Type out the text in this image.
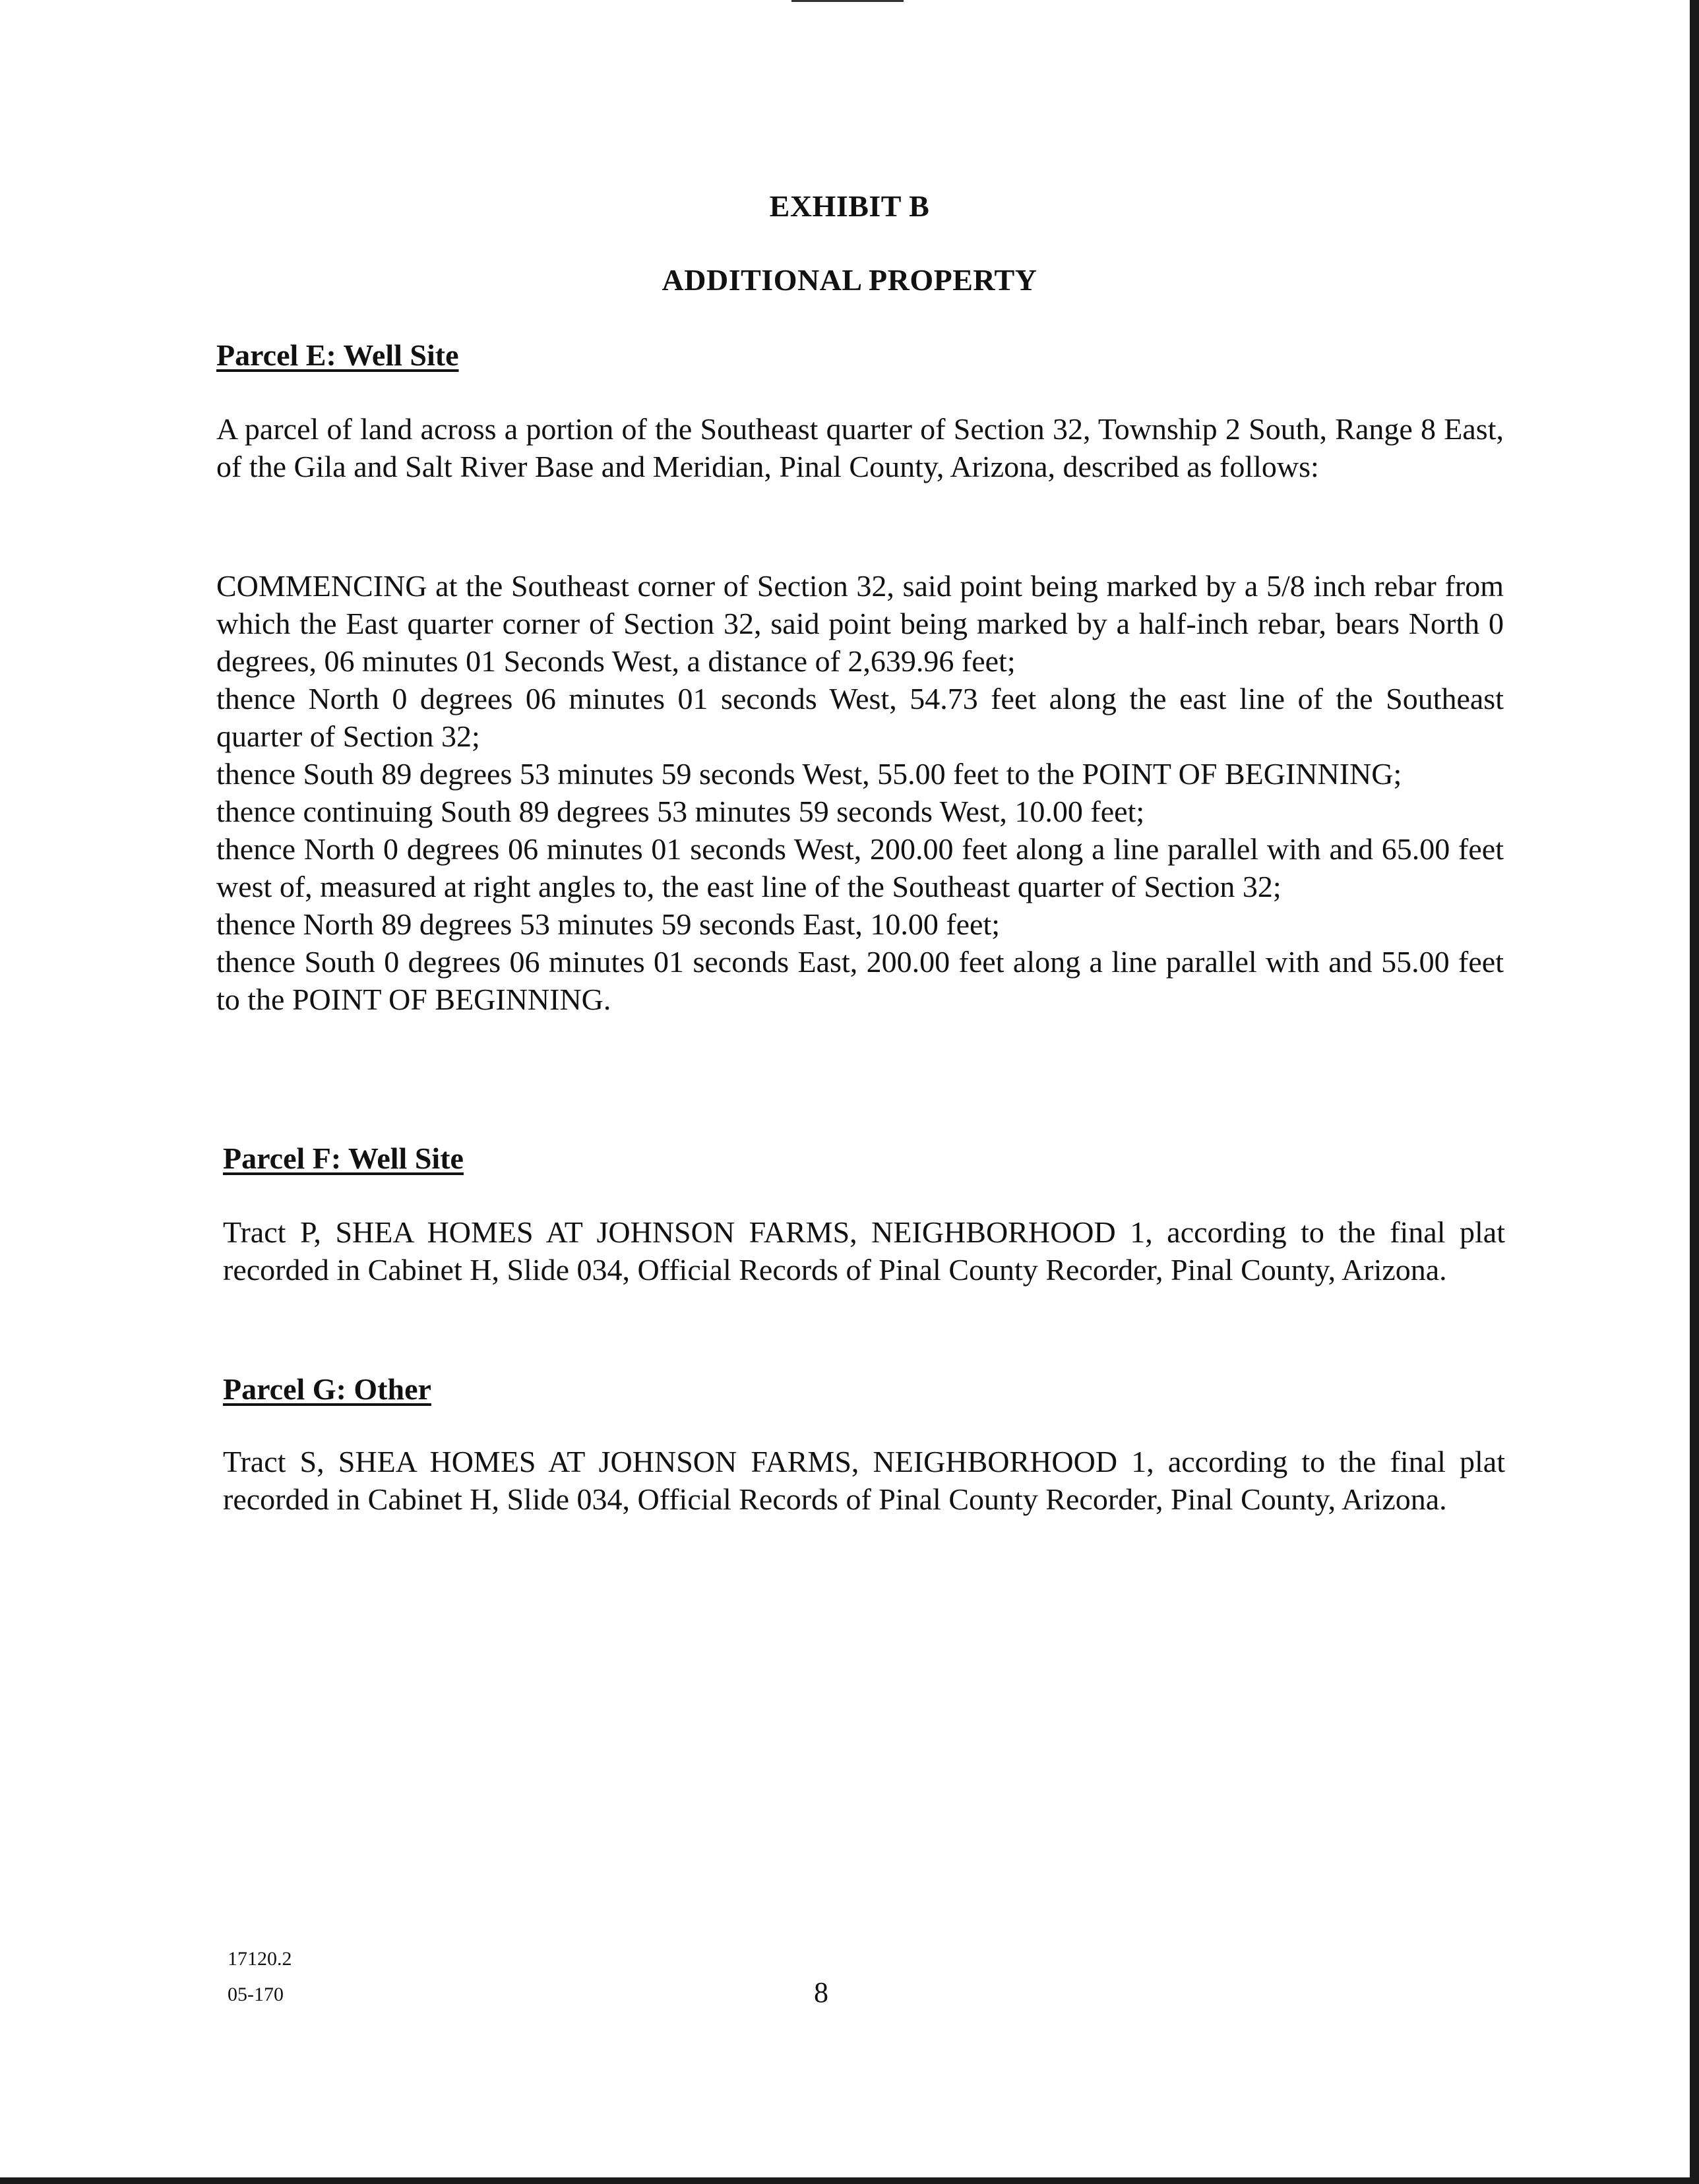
EXHIBIT B
ADDITIONAL PROPERTY
Parcel E: Well Site

A parcel of land across a portion of the Southeast quarter of Section 32, Township 2 South, Range 8 East, of the Gila and Salt River Base and Meridian, Pinal County, Arizona, described as follows:

COMMENCING at the Southeast corner of Section 32, said point being marked by a 5/8 inch rebar from which the East quarter corner of Section 32, said point being marked by a half-inch rebar, bears North 0 degrees, 06 minutes 01 Seconds West, a distance of 2,639.96 feet;

thence North 0 degrees 06 minutes 01 seconds West, 54.73 feet along the east line of the Southeast quarter of Section 32;

thence South 89 degrees 53 minutes 59 seconds West, 55.00 feet to the POINT OF BEGINNING;

thence continuing South 89 degrees 53 minutes 59 seconds West, 10.00 feet;

thence North 0 degrees 06 minutes 01 seconds West, 200.00 feet along a line parallel with and 65.00 feet west of, measured at right angles to, the east line of the Southeast quarter of Section 32;

thence North 89 degrees 53 minutes 59 seconds East, 10.00 feet;

thence South 0 degrees 06 minutes 01 seconds East, 200.00 feet along a line parallel with and 55.00 feet to the POINT OF BEGINNING.

Parcel F: Well Site

Tract P, SHEA HOMES AT JOHNSON FARMS, NEIGHBORHOOD 1, according to the final plat recorded in Cabinet H, Slide 034, Official Records of Pinal County Recorder, Pinal County, Arizona.

Parcel G: Other

Tract S, SHEA HOMES AT JOHNSON FARMS, NEIGHBORHOOD 1, according to the final plat recorded in Cabinet H, Slide 034, Official Records of Pinal County Recorder, Pinal County, Arizona.

17120.2
05-170	8
